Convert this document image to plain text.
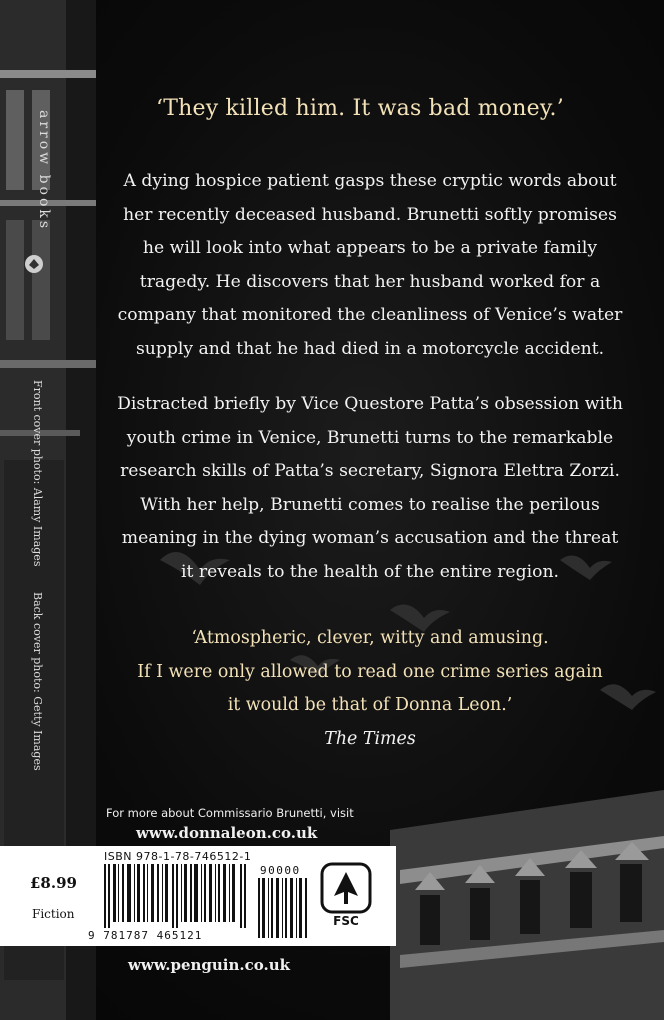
arrow books
Front cover photo: Alamy Images
Back cover photo: Getty Images
‘They killed him. It was bad money.’
A dying hospice patient gasps these cryptic words about
her recently deceased husband. Brunetti softly promises
he will look into what appears to be a private family
tragedy. He discovers that her husband worked for a
company that monitored the cleanliness of Venice’s water
supply and that he had died in a motorcycle accident.
Distracted briefly by Vice Questore Patta’s obsession with
youth crime in Venice, Brunetti turns to the remarkable
research skills of Patta’s secretary, Signora Elettra Zorzi.
With her help, Brunetti comes to realise the perilous
meaning in the dying woman’s accusation and the threat
it reveals to the health of the entire region.
‘Atmospheric, clever, witty and amusing.
If I were only allowed to read one crime series again
it would be that of Donna Leon.’
The Times
For more about Commissario Brunetti, visit
www.donnaleon.co.uk
£8.99
Fiction
ISBN 978-1-78-746512-1
9 781787 465121
90000
FSC
www.penguin.co.uk
